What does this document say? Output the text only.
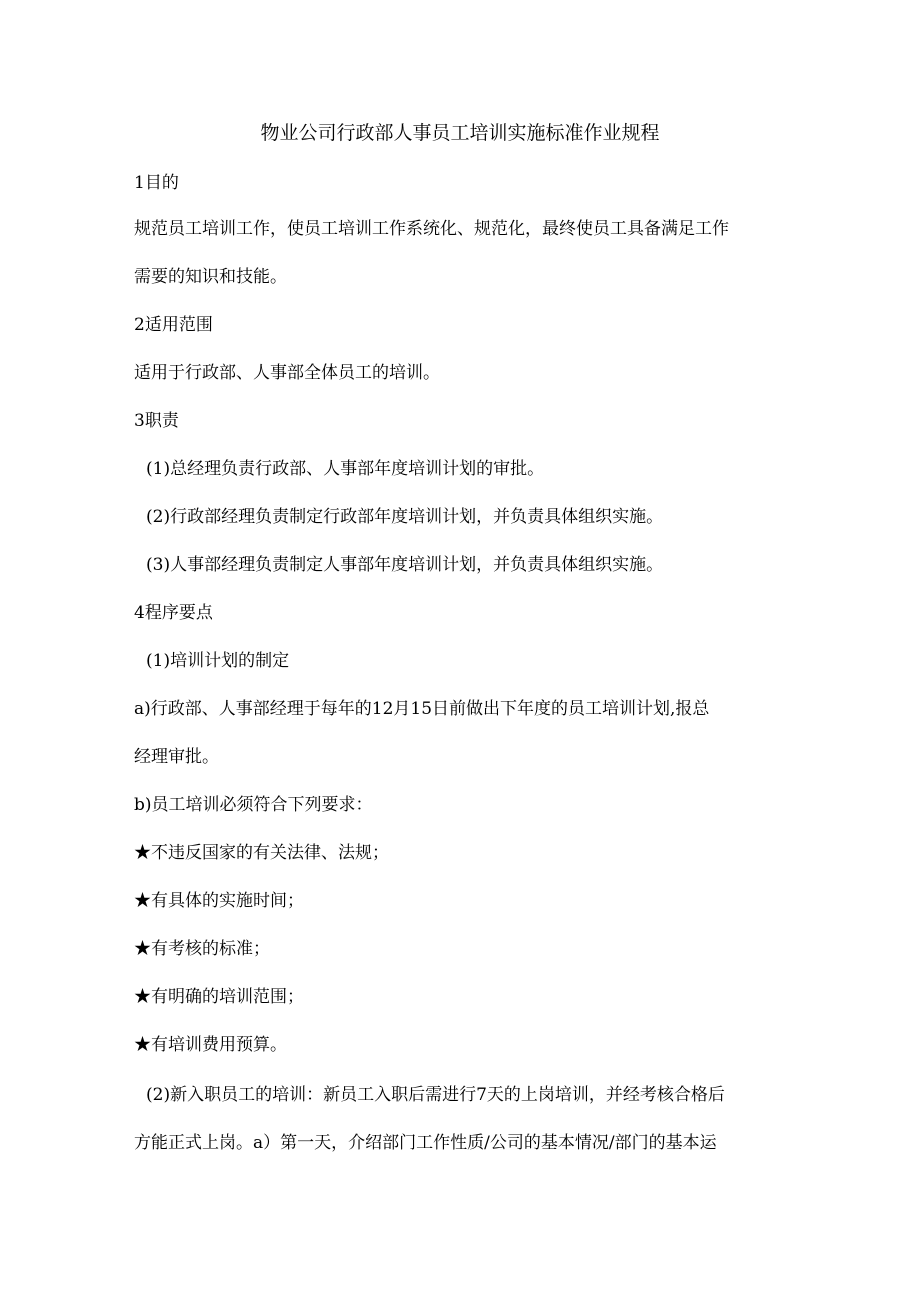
物业公司行政部人事员工培训实施标准作业规程
1目的
规范员工培训工作，使员工培训工作系统化、规范化，最终使员工具备满足工作
需要的知识和技能。
2适用范围
适用于行政部、人事部全体员工的培训。
3职责
(1)总经理负责行政部、人事部年度培训计划的审批。
(2)行政部经理负责制定行政部年度培训计划，并负责具体组织实施。
(3)人事部经理负责制定人事部年度培训计划，并负责具体组织实施。
4程序要点
(1)培训计划的制定
a)行政部、人事部经理于每年的12月15日前做出下年度的员工培训计划,报总
经理审批。
b)员工培训必须符合下列要求：
★不违反国家的有关法律、法规；
★有具体的实施时间；
★有考核的标准；
★有明确的培训范围；
★有培训费用预算。
(2)新入职员工的培训：新员工入职后需进行7天的上岗培训，并经考核合格后
方能正式上岗。a）第一天，介绍部门工作性质/公司的基本情况/部门的基本运
